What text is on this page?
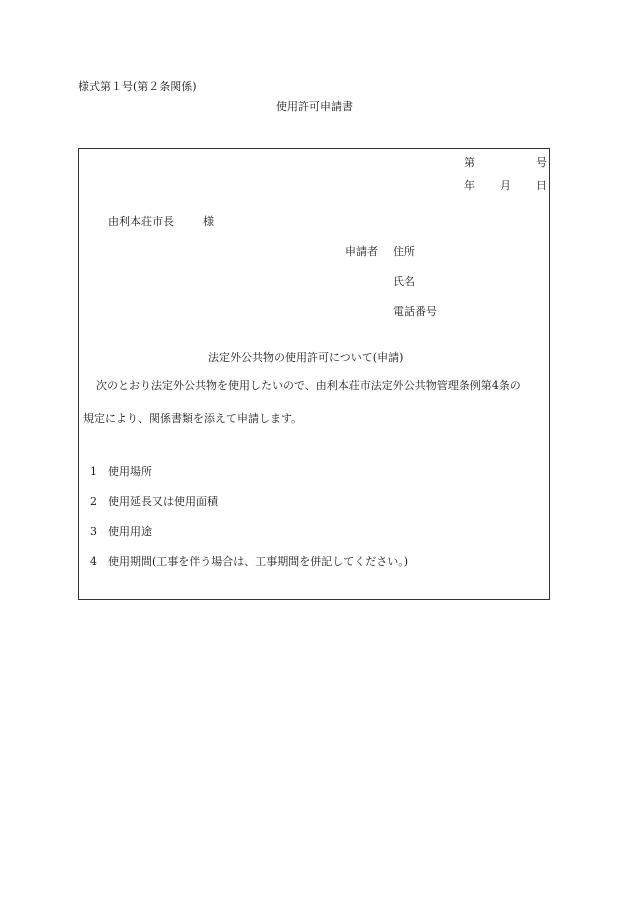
様式第１号(第２条関係)
使用許可申請書
第	号
年 月 日
由利本荘市長	様
申請者 住所
氏名
電話番号
法定外公共物の使用許可について(申請)
次のとおり法定外公共物を使用したいので、由利本荘市法定外公共物管理条例第4条の
規定により、関係書類を添えて申請します。
1 使用場所
2 使用延長又は使用面積
3 使用用途
4 使用期間(工事を伴う場合は、工事期間を併記してください。)
